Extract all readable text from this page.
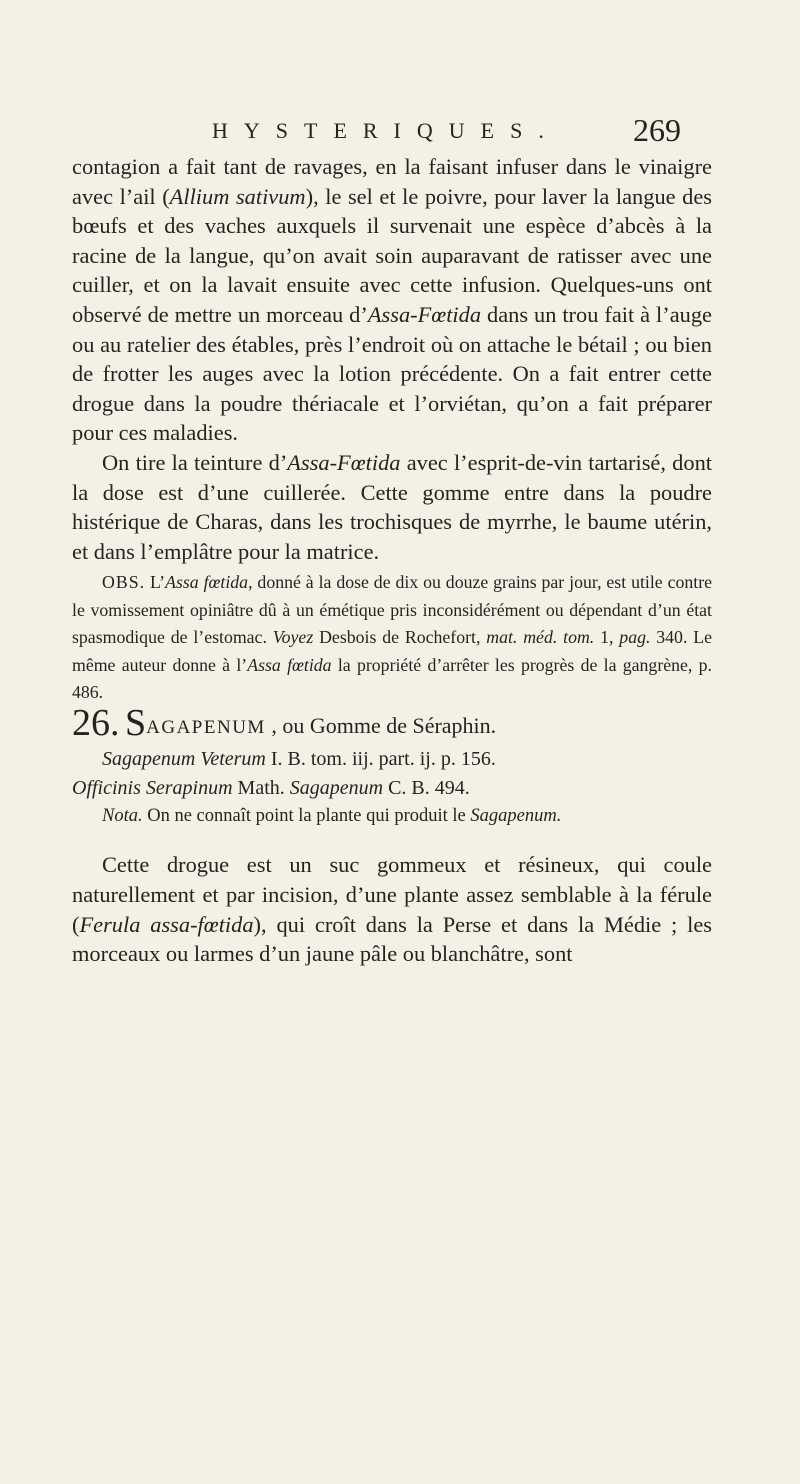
HYSTERIQUES. 269

contagion a fait tant de ravages, en la faisant infuser dans le vinaigre avec l’ail (Allium sativum), le sel et le poivre, pour laver la langue des bœufs et des vaches auxquels il survenait une espèce d’abcès à la racine de la langue, qu’on avait soin auparavant de ratisser avec une cuiller, et on la lavait ensuite avec cette infusion. Quelques-uns ont observé de mettre un morceau d’Assa-Fœtida dans un trou fait à l’auge ou au ratelier des étables, près l’endroit où on attache le bétail ; ou bien de frotter les auges avec la lotion précédente. On a fait entrer cette drogue dans la poudre thériacale et l’orviétan, qu’on a fait préparer pour ces maladies.

On tire la teinture d’Assa-Fœtida avec l’esprit-de-vin tartarisé, dont la dose est d’une cuillerée. Cette gomme entre dans la poudre histérique de Charas, dans les trochisques de myrrhe, le baume utérin, et dans l’emplâtre pour la matrice.

OBS. L’Assa fœtida, donné à la dose de dix ou douze grains par jour, est utile contre le vomissement opiniâtre dû à un émétique pris inconsidérément ou dépendant d’un état spasmodique de l’estomac. Voyez Desbois de Rochefort, mat. méd. tom. 1, pag. 340. Le même auteur donne à l’Assa fœtida la propriété d’arrêter les progrès de la gangrène, p. 486.

26. SAGAPENUM , ou Gomme de Séraphin.

Sagapenum Veterum I. B. tom. iij. part. ij. p. 156.

Officinis Serapinum Math. Sagapenum C. B. 494.

Nota. On ne connaît point la plante qui produit le Sagapenum.

Cette drogue est un suc gommeux et résineux, qui coule naturellement et par incision, d’une plante assez semblable à la férule (Ferula assa-fœtida), qui croît dans la Perse et dans la Médie ; les morceaux ou larmes d’un jaune pâle ou blanchâtre, sont
